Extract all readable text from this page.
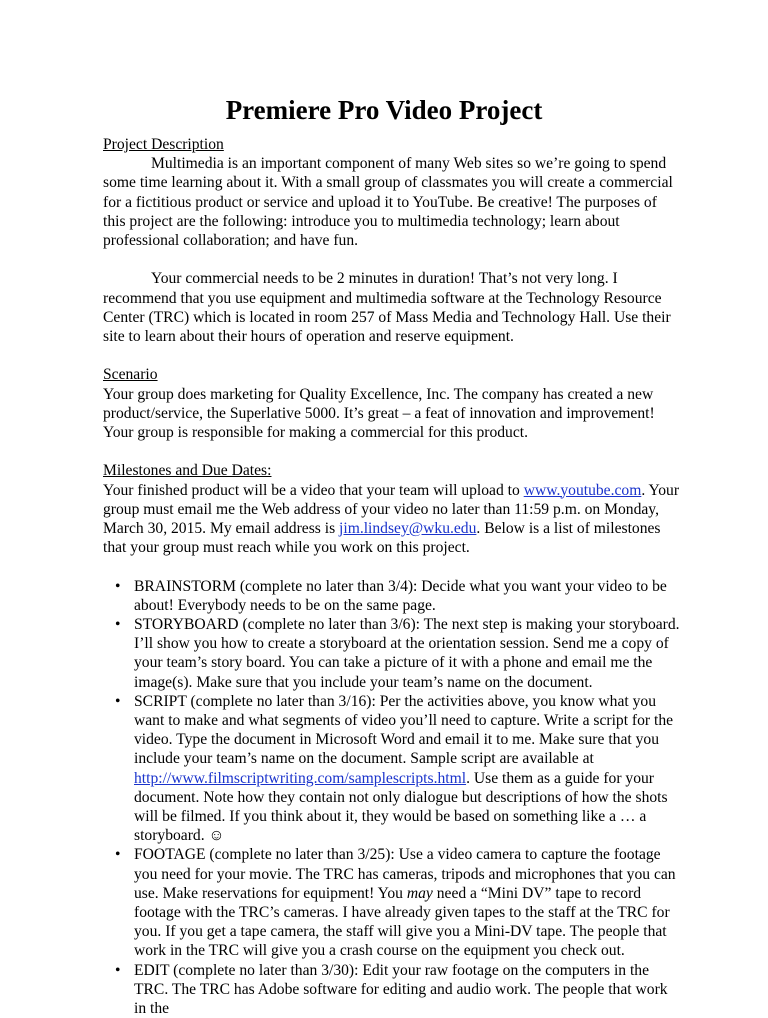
Premiere Pro Video Project

Project Description

Multimedia is an important component of many Web sites so we’re going to spend some time learning about it. With a small group of classmates you will create a commercial for a fictitious product or service and upload it to YouTube. Be creative! The purposes of this project are the following: introduce you to multimedia technology; learn about professional collaboration; and have fun.

Your commercial needs to be 2 minutes in duration! That’s not very long. I recommend that you use equipment and multimedia software at the Technology Resource Center (TRC) which is located in room 257 of Mass Media and Technology Hall. Use their site to learn about their hours of operation and reserve equipment.

Scenario

Your group does marketing for Quality Excellence, Inc. The company has created a new product/service, the Superlative 5000. It’s great – a feat of innovation and improvement! Your group is responsible for making a commercial for this product.

Milestones and Due Dates:

Your finished product will be a video that your team will upload to www.youtube.com. Your group must email me the Web address of your video no later than 11:59 p.m. on Monday, March 30, 2015. My email address is jim.lindsey@wku.edu. Below is a list of milestones that your group must reach while you work on this project.

• BRAINSTORM (complete no later than 3/4): Decide what you want your video to be about! Everybody needs to be on the same page.
• STORYBOARD (complete no later than 3/6): The next step is making your storyboard. I’ll show you how to create a storyboard at the orientation session. Send me a copy of your team’s story board. You can take a picture of it with a phone and email me the image(s). Make sure that you include your team’s name on the document.
• SCRIPT (complete no later than 3/16): Per the activities above, you know what you want to make and what segments of video you’ll need to capture. Write a script for the video. Type the document in Microsoft Word and email it to me. Make sure that you include your team’s name on the document. Sample script are available at http://www.filmscriptwriting.com/samplescripts.html. Use them as a guide for your document. Note how they contain not only dialogue but descriptions of how the shots will be filmed. If you think about it, they would be based on something like a … a storyboard. ☺
• FOOTAGE (complete no later than 3/25): Use a video camera to capture the footage you need for your movie. The TRC has cameras, tripods and microphones that you can use. Make reservations for equipment! You may need a “Mini DV” tape to record footage with the TRC’s cameras. I have already given tapes to the staff at the TRC for you. If you get a tape camera, the staff will give you a Mini-DV tape. The people that work in the TRC will give you a crash course on the equipment you check out.
• EDIT (complete no later than 3/30): Edit your raw footage on the computers in the TRC. The TRC has Adobe software for editing and audio work. The people that work in the
